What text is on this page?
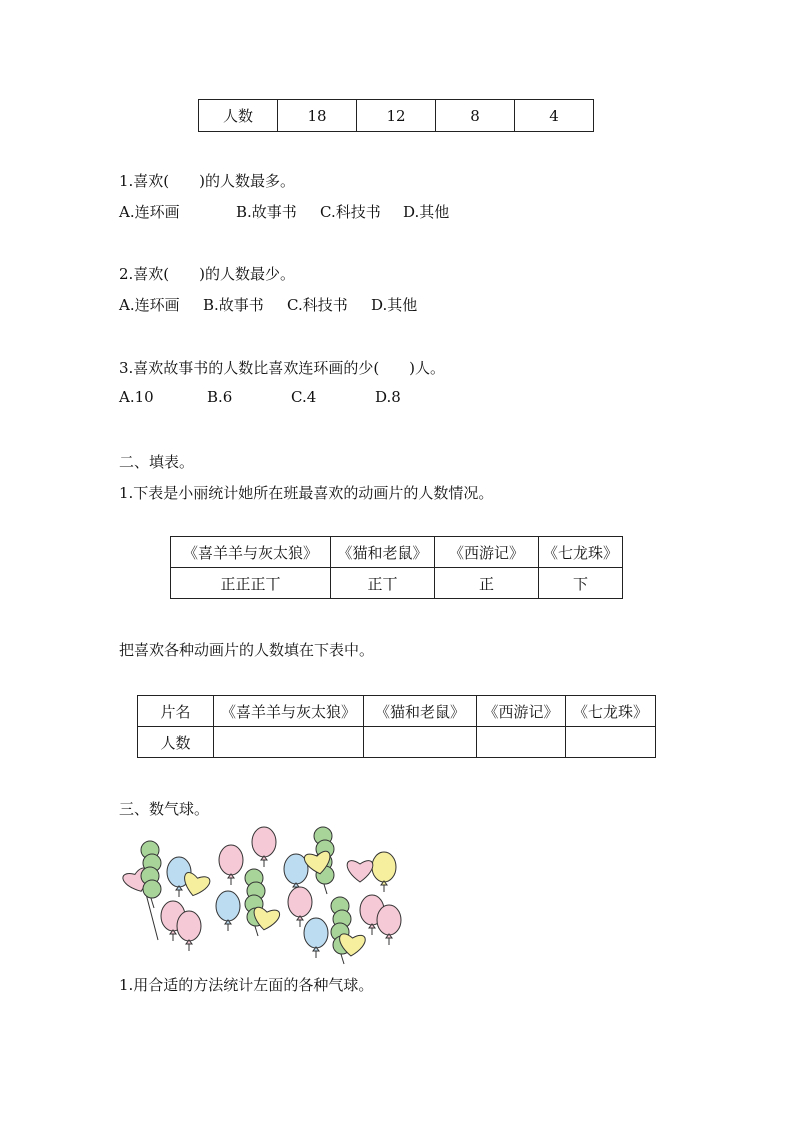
人数	18	12	8	4
1.喜欢(　　)的人数最多。
A.连环画	B.故事书 C.科技书 D.其他
2.喜欢(　　)的人数最少。
A.连环画 B.故事书 C.科技书 D.其他
3.喜欢故事书的人数比喜欢连环画的少(　　)人。
A.10	B.6	C.4	D.8
二、填表。
1.下表是小丽统计她所在班最喜欢的动画片的人数情况。
《喜羊羊与灰太狼》	《猫和老鼠》	《西游记》	《七龙珠》
正正正丅	正丅	正	下
把喜欢各种动画片的人数填在下表中。
片名	《喜羊羊与灰太狼》	《猫和老鼠》	《西游记》	《七龙珠》
人数				
三、数气球。
1.用合适的方法统计左面的各种气球。
